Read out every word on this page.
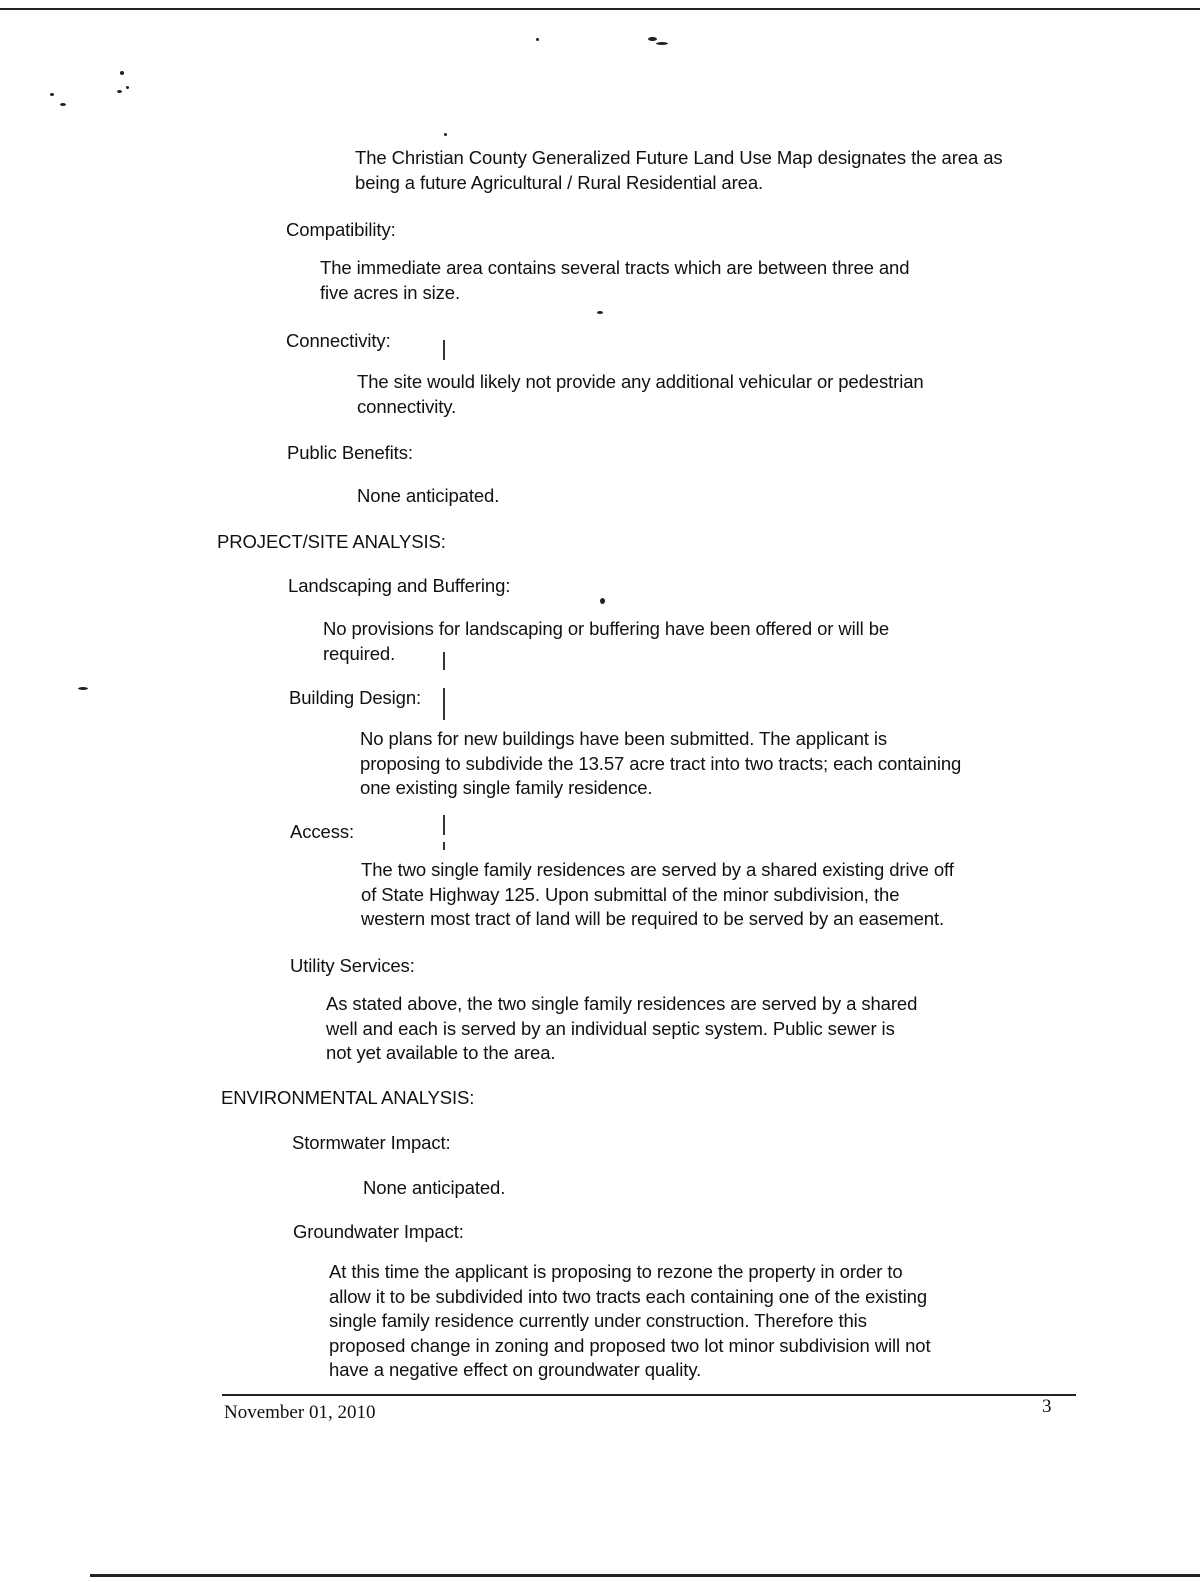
The Christian County Generalized Future Land Use Map designates the area as
being a future Agricultural / Rural Residential area.
Compatibility:
The immediate area contains several tracts which are between three and
five acres in size.
Connectivity:
The site would likely not provide any additional vehicular or pedestrian
connectivity.
Public Benefits:
None anticipated.
PROJECT/SITE ANALYSIS:
Landscaping and Buffering:
No provisions for landscaping or buffering have been offered or will be
required.
Building Design:
No plans for new buildings have been submitted. The applicant is
proposing to subdivide the 13.57 acre tract into two tracts; each containing
one existing single family residence.
Access:
The two single family residences are served by a shared existing drive off
of State Highway 125. Upon submittal of the minor subdivision, the
western most tract of land will be required to be served by an easement.
Utility Services:
As stated above, the two single family residences are served by a shared
well and each is served by an individual septic system. Public sewer is
not yet available to the area.
ENVIRONMENTAL ANALYSIS:
Stormwater Impact:
None anticipated.
Groundwater Impact:
At this time the applicant is proposing to rezone the property in order to
allow it to be subdivided into two tracts each containing one of the existing
single family residence currently under construction. Therefore this
proposed change in zoning and proposed two lot minor subdivision will not
have a negative effect on groundwater quality.
November 01, 2010	3
